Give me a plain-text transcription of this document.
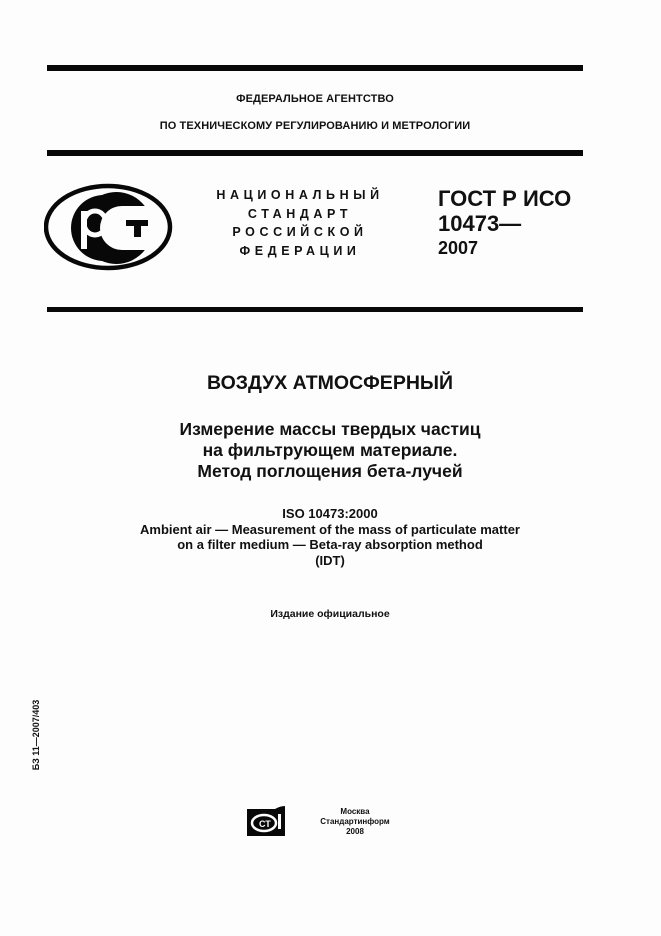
ФЕДЕРАЛЬНОЕ АГЕНТСТВО
ПО ТЕХНИЧЕСКОМУ РЕГУЛИРОВАНИЮ И МЕТРОЛОГИИ
НАЦИОНАЛЬНЫЙ
СТАНДАРТ
РОССИЙСКОЙ
ФЕДЕРАЦИИ
ГОСТ Р ИСО
10473—
2007
ВОЗДУХ АТМОСФЕРНЫЙ
Измерение массы твердых частиц
на фильтрующем материале.
Метод поглощения бета-лучей
ISO 10473:2000
Ambient air — Measurement of the mass of particulate matter
on a filter medium — Beta-ray absorption method
(IDT)
Издание официальное
БЗ 11—2007/403
СТ
Москва
Стандартинформ
2008
